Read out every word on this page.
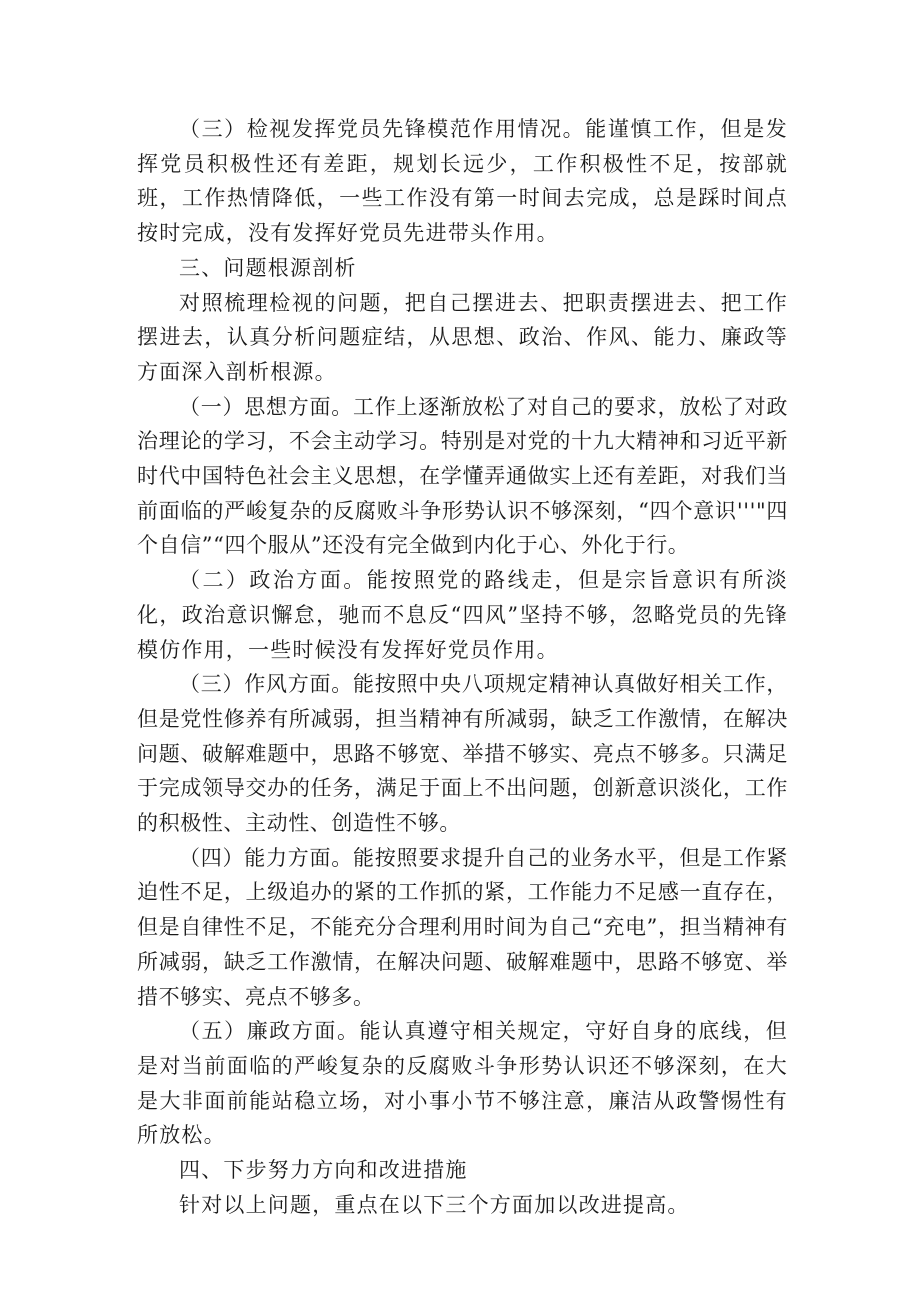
（三）检视发挥党员先锋模范作用情况。能谨慎工作，但是发挥党员积极性还有差距，规划长远少，工作积极性不足，按部就班，工作热情降低，一些工作没有第一时间去完成，总是踩时间点按时完成，没有发挥好党员先进带头作用。

三、问题根源剖析

对照梳理检视的问题，把自己摆进去、把职责摆进去、把工作摆进去，认真分析问题症结，从思想、政治、作风、能力、廉政等方面深入剖析根源。

（一）思想方面。工作上逐渐放松了对自己的要求，放松了对政治理论的学习，不会主动学习。特别是对党的十九大精神和习近平新时代中国特色社会主义思想，在学懂弄通做实上还有差距，对我们当前面临的严峻复杂的反腐败斗争形势认识不够深刻，“四个意识'''"四个自信”“四个服从”还没有完全做到内化于心、外化于行。

（二）政治方面。能按照党的路线走，但是宗旨意识有所淡化，政治意识懈怠，驰而不息反“四风”坚持不够，忽略党员的先锋模仿作用，一些时候没有发挥好党员作用。

（三）作风方面。能按照中央八项规定精神认真做好相关工作，但是党性修养有所减弱，担当精神有所减弱，缺乏工作激情，在解决问题、破解难题中，思路不够宽、举措不够实、亮点不够多。只满足于完成领导交办的任务，满足于面上不出问题，创新意识淡化，工作的积极性、主动性、创造性不够。

（四）能力方面。能按照要求提升自己的业务水平，但是工作紧迫性不足，上级追办的紧的工作抓的紧，工作能力不足感一直存在，但是自律性不足，不能充分合理利用时间为自己“充电”，担当精神有所减弱，缺乏工作激情，在解决问题、破解难题中，思路不够宽、举措不够实、亮点不够多。

（五）廉政方面。能认真遵守相关规定，守好自身的底线，但是对当前面临的严峻复杂的反腐败斗争形势认识还不够深刻，在大是大非面前能站稳立场，对小事小节不够注意，廉洁从政警惕性有所放松。

四、下步努力方向和改进措施

针对以上问题，重点在以下三个方面加以改进提高。
